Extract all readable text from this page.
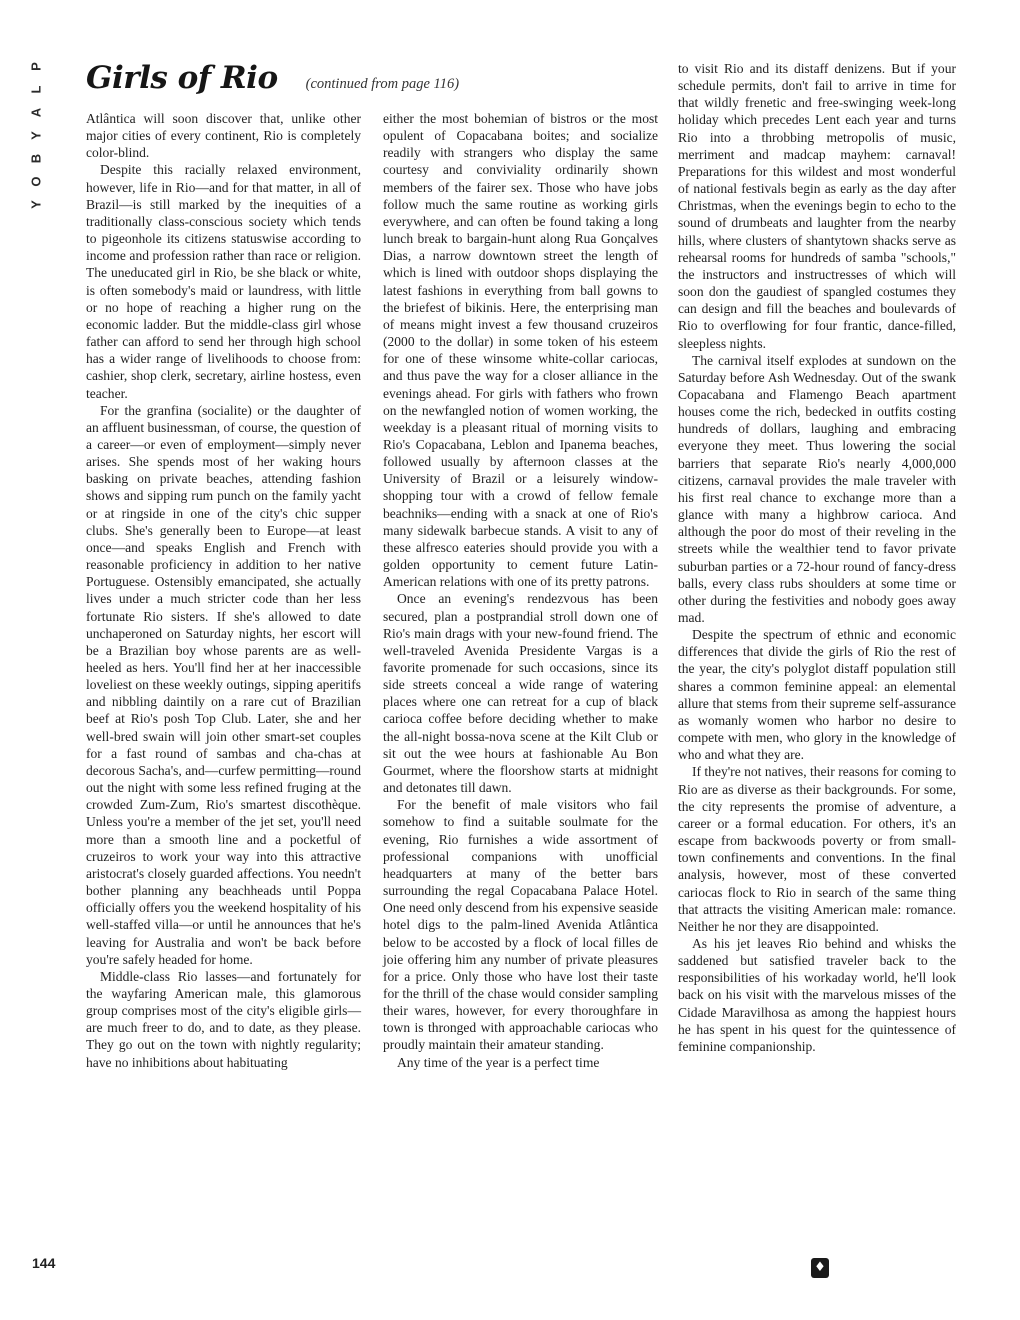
P
L
A
Y
B
O
Y
Girls of Rio (continued from page 116)

Atlântica will soon discover that, unlike other major cities of every continent, Rio is completely color-blind.

Despite this racially relaxed environment, however, life in Rio—and for that matter, in all of Brazil—is still marked by the inequities of a traditionally class-conscious society which tends to pigeonhole its citizens statuswise according to income and profession rather than race or religion. The uneducated girl in Rio, be she black or white, is often somebody's maid or laundress, with little or no hope of reaching a higher rung on the economic ladder. But the middle-class girl whose father can afford to send her through high school has a wider range of livelihoods to choose from: cashier, shop clerk, secretary, airline hostess, even teacher.

For the granfina (socialite) or the daughter of an affluent businessman, of course, the question of a career—or even of employment—simply never arises. She spends most of her waking hours basking on private beaches, attending fashion shows and sipping rum punch on the family yacht or at ringside in one of the city's chic supper clubs. She's generally been to Europe—at least once—and speaks English and French with reasonable proficiency in addition to her native Portuguese. Ostensibly emancipated, she actually lives under a much stricter code than her less fortunate Rio sisters. If she's allowed to date unchaperoned on Saturday nights, her escort will be a Brazilian boy whose parents are as well-heeled as hers. You'll find her at her inaccessible loveliest on these weekly outings, sipping aperitifs and nibbling daintily on a rare cut of Brazilian beef at Rio's posh Top Club. Later, she and her well-bred swain will join other smart-set couples for a fast round of sambas and cha-chas at decorous Sacha's, and—curfew permitting—round out the night with some less refined fruging at the crowded Zum-Zum, Rio's smartest discothèque. Unless you're a member of the jet set, you'll need more than a smooth line and a pocketful of cruzeiros to work your way into this attractive aristocrat's closely guarded affections. You needn't bother planning any beachheads until Poppa officially offers you the weekend hospitality of his well-staffed villa—or until he announces that he's leaving for Australia and won't be back before you're safely headed for home.

Middle-class Rio lasses—and fortunately for the wayfaring American male, this glamorous group comprises most of the city's eligible girls—are much freer to do, and to date, as they please. They go out on the town with nightly regularity; have no inhibitions about habituating

either the most bohemian of bistros or the most opulent of Copacabana boites; and socialize readily with strangers who display the same courtesy and conviviality ordinarily shown members of the fairer sex. Those who have jobs follow much the same routine as working girls everywhere, and can often be found taking a long lunch break to bargain-hunt along Rua Gonçalves Dias, a narrow downtown street the length of which is lined with outdoor shops displaying the latest fashions in everything from ball gowns to the briefest of bikinis. Here, the enterprising man of means might invest a few thousand cruzeiros (2000 to the dollar) in some token of his esteem for one of these winsome white-collar cariocas, and thus pave the way for a closer alliance in the evenings ahead. For girls with fathers who frown on the newfangled notion of women working, the weekday is a pleasant ritual of morning visits to Rio's Copacabana, Leblon and Ipanema beaches, followed usually by afternoon classes at the University of Brazil or a leisurely window-shopping tour with a crowd of fellow female beachniks—ending with a snack at one of Rio's many sidewalk barbecue stands. A visit to any of these alfresco eateries should provide you with a golden opportunity to cement future Latin-American relations with one of its pretty patrons.

Once an evening's rendezvous has been secured, plan a postprandial stroll down one of Rio's main drags with your new-found friend. The well-traveled Avenida Presidente Vargas is a favorite promenade for such occasions, since its side streets conceal a wide range of watering places where one can retreat for a cup of black carioca coffee before deciding whether to make the all-night bossa-nova scene at the Kilt Club or sit out the wee hours at fashionable Au Bon Gourmet, where the floorshow starts at midnight and detonates till dawn.

For the benefit of male visitors who fail somehow to find a suitable soulmate for the evening, Rio furnishes a wide assortment of professional companions with unofficial headquarters at many of the better bars surrounding the regal Copacabana Palace Hotel. One need only descend from his expensive seaside hotel digs to the palm-lined Avenida Atlântica below to be accosted by a flock of local filles de joie offering him any number of private pleasures for a price. Only those who have lost their taste for the thrill of the chase would consider sampling their wares, however, for every thoroughfare in town is thronged with approachable cariocas who proudly maintain their amateur standing.

Any time of the year is a perfect time

to visit Rio and its distaff denizens. But if your schedule permits, don't fail to arrive in time for that wildly frenetic and free-swinging week-long holiday which precedes Lent each year and turns Rio into a throbbing metropolis of music, merriment and madcap mayhem: carnaval! Preparations for this wildest and most wonderful of national festivals begin as early as the day after Christmas, when the evenings begin to echo to the sound of drumbeats and laughter from the nearby hills, where clusters of shantytown shacks serve as rehearsal rooms for hundreds of samba "schools," the instructors and instructresses of which will soon don the gaudiest of spangled costumes they can design and fill the beaches and boulevards of Rio to overflowing for four frantic, dance-filled, sleepless nights.

The carnival itself explodes at sundown on the Saturday before Ash Wednesday. Out of the swank Copacabana and Flamengo Beach apartment houses come the rich, bedecked in outfits costing hundreds of dollars, laughing and embracing everyone they meet. Thus lowering the social barriers that separate Rio's nearly 4,000,000 citizens, carnaval provides the male traveler with his first real chance to exchange more than a glance with many a highbrow carioca. And although the poor do most of their reveling in the streets while the wealthier tend to favor private suburban parties or a 72-hour round of fancy-dress balls, every class rubs shoulders at some time or other during the festivities and nobody goes away mad.

Despite the spectrum of ethnic and economic differences that divide the girls of Rio the rest of the year, the city's polyglot distaff population still shares a common feminine appeal: an elemental allure that stems from their supreme self-assurance as womanly women who harbor no desire to compete with men, who glory in the knowledge of who and what they are.

If they're not natives, their reasons for coming to Rio are as diverse as their backgrounds. For some, the city represents the promise of adventure, a career or a formal education. For others, it's an escape from backwoods poverty or from small-town confinements and conventions. In the final analysis, however, most of these converted cariocas flock to Rio in search of the same thing that attracts the visiting American male: romance. Neither he nor they are disappointed.

As his jet leaves Rio behind and whisks the saddened but satisfied traveler back to the responsibilities of his workaday world, he'll look back on his visit with the marvelous misses of the Cidade Maravilhosa as among the happiest hours he has spent in his quest for the quintessence of feminine companionship.

144	♦
